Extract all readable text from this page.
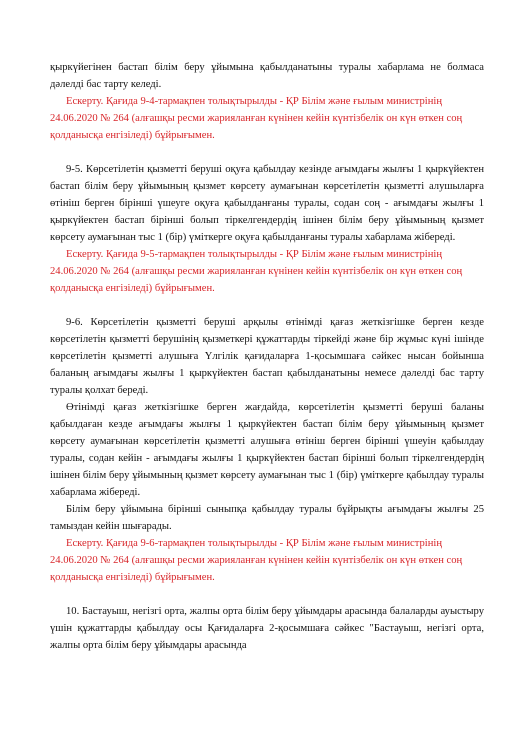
қыркүйегінен бастап білім беру ұйымына қабылданатыны туралы хабарлама не болмаса дәлелді бас тарту келеді.

Ескерту. Қағида 9-4-тармақпен толықтырылды - ҚР Білім және ғылым министрінің 24.06.2020 № 264 (алғашқы ресми жарияланған күнінен кейін күнтізбелік он күн өткен соң қолданысқа енгізіледі) бұйрығымен.

9-5. Көрсетілетін қызметті беруші оқуға қабылдау кезінде ағымдағы жылғы 1 қыркүйектен бастап білім беру ұйымының қызмет көрсету аумағынан көрсетілетін қызметті алушыларға өтініш берген бірінші үшеуге оқуға қабылданғаны туралы, содан соң - ағымдағы жылғы 1 қыркүйектен бастап бірінші болып тіркелгендердің ішінен білім беру ұйымының қызмет көрсету аумағынан тыс 1 (бір) үміткерге оқуға қабылданғаны туралы хабарлама жібереді.

Ескерту. Қағида 9-5-тармақпен толықтырылды - ҚР Білім және ғылым министрінің 24.06.2020 № 264 (алғашқы ресми жарияланған күнінен кейін күнтізбелік он күн өткен соң қолданысқа енгізіледі) бұйрығымен.

9-6. Көрсетілетін қызметті беруші арқылы өтінімді қағаз жеткізгішке берген кезде көрсетілетін қызметті берушінің қызметкері құжаттарды тіркейді және бір жұмыс күні ішінде көрсетілетін қызметті алушыға Үлгілік қағидаларға 1-қосымшаға сәйкес нысан бойынша баланың ағымдағы жылғы 1 қыркүйектен бастап қабылданатыны немесе дәлелді бас тарту туралы қолхат береді.

Өтінімді қағаз жеткізгішке берген жағдайда, көрсетілетін қызметті беруші баланы қабылдаған кезде ағымдағы жылғы 1 қыркүйектен бастап білім беру ұйымының қызмет көрсету аумағынан көрсетілетін қызметті алушыға өтініш берген бірінші үшеуін қабылдау туралы, содан кейін - ағымдағы жылғы 1 қыркүйектен бастап бірінші болып тіркелгендердің ішінен білім беру ұйымының қызмет көрсету аумағынан тыс 1 (бір) үміткерге қабылдау туралы хабарлама жібереді.

Білім беру ұйымына бірінші сыныпқа қабылдау туралы бұйрықты ағымдағы жылғы 25 тамыздан кейін шығарады.

Ескерту. Қағида 9-6-тармақпен толықтырылды - ҚР Білім және ғылым министрінің 24.06.2020 № 264 (алғашқы ресми жарияланған күнінен кейін күнтізбелік он күн өткен соң қолданысқа енгізіледі) бұйрығымен.

10. Бастауыш, негізгі орта, жалпы орта білім беру ұйымдары арасында балаларды ауыстыру үшін құжаттарды қабылдау осы Қағидаларға 2-қосымшаға сәйкес "Бастауыш, негізгі орта, жалпы орта білім беру ұйымдары арасында
